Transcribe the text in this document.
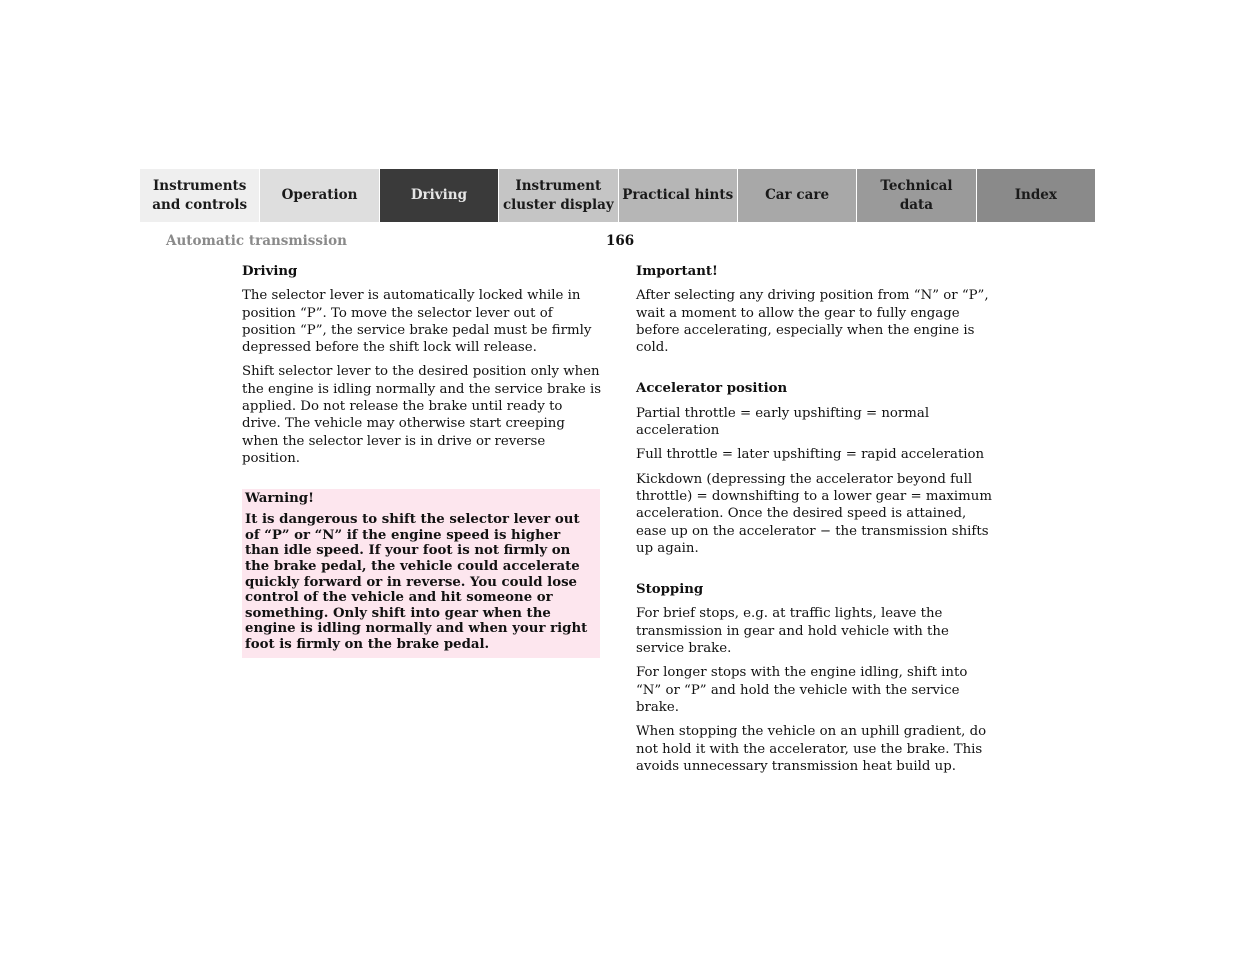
Instruments
and controls
Operation	Driving
Instrument
cluster display
Practical hints	Car care
Technical
data
Index
Automatic transmission	166
Driving

The selector lever is automatically locked while in position “P”. To move the selector lever out of position “P”, the service brake pedal must be firmly depressed before the shift lock will release.

Shift selector lever to the desired position only when the engine is idling normally and the service brake is applied. Do not release the brake until ready to drive. The vehicle may otherwise start creeping when the selector lever is in drive or reverse position.

Warning!

It is dangerous to shift the selector lever out of “P” or “N” if the engine speed is higher than idle speed. If your foot is not firmly on the brake pedal, the vehicle could accelerate quickly forward or in reverse. You could lose control of the vehicle and hit someone or something. Only shift into gear when the engine is idling normally and when your right foot is firmly on the brake pedal.

Important!

After selecting any driving position from “N” or “P”, wait a moment to allow the gear to fully engage before accelerating, especially when the engine is cold.

Accelerator position

Partial throttle = early upshifting = normal acceleration

Full throttle = later upshifting = rapid acceleration

Kickdown (depressing the accelerator beyond full throttle) = downshifting to a lower gear = maximum acceleration. Once the desired speed is attained, ease up on the accelerator − the transmission shifts up again.

Stopping

For brief stops, e.g. at traffic lights, leave the transmission in gear and hold vehicle with the service brake.

For longer stops with the engine idling, shift into “N” or “P” and hold the vehicle with the service brake.

When stopping the vehicle on an uphill gradient, do not hold it with the accelerator, use the brake. This avoids unnecessary transmission heat build up.
